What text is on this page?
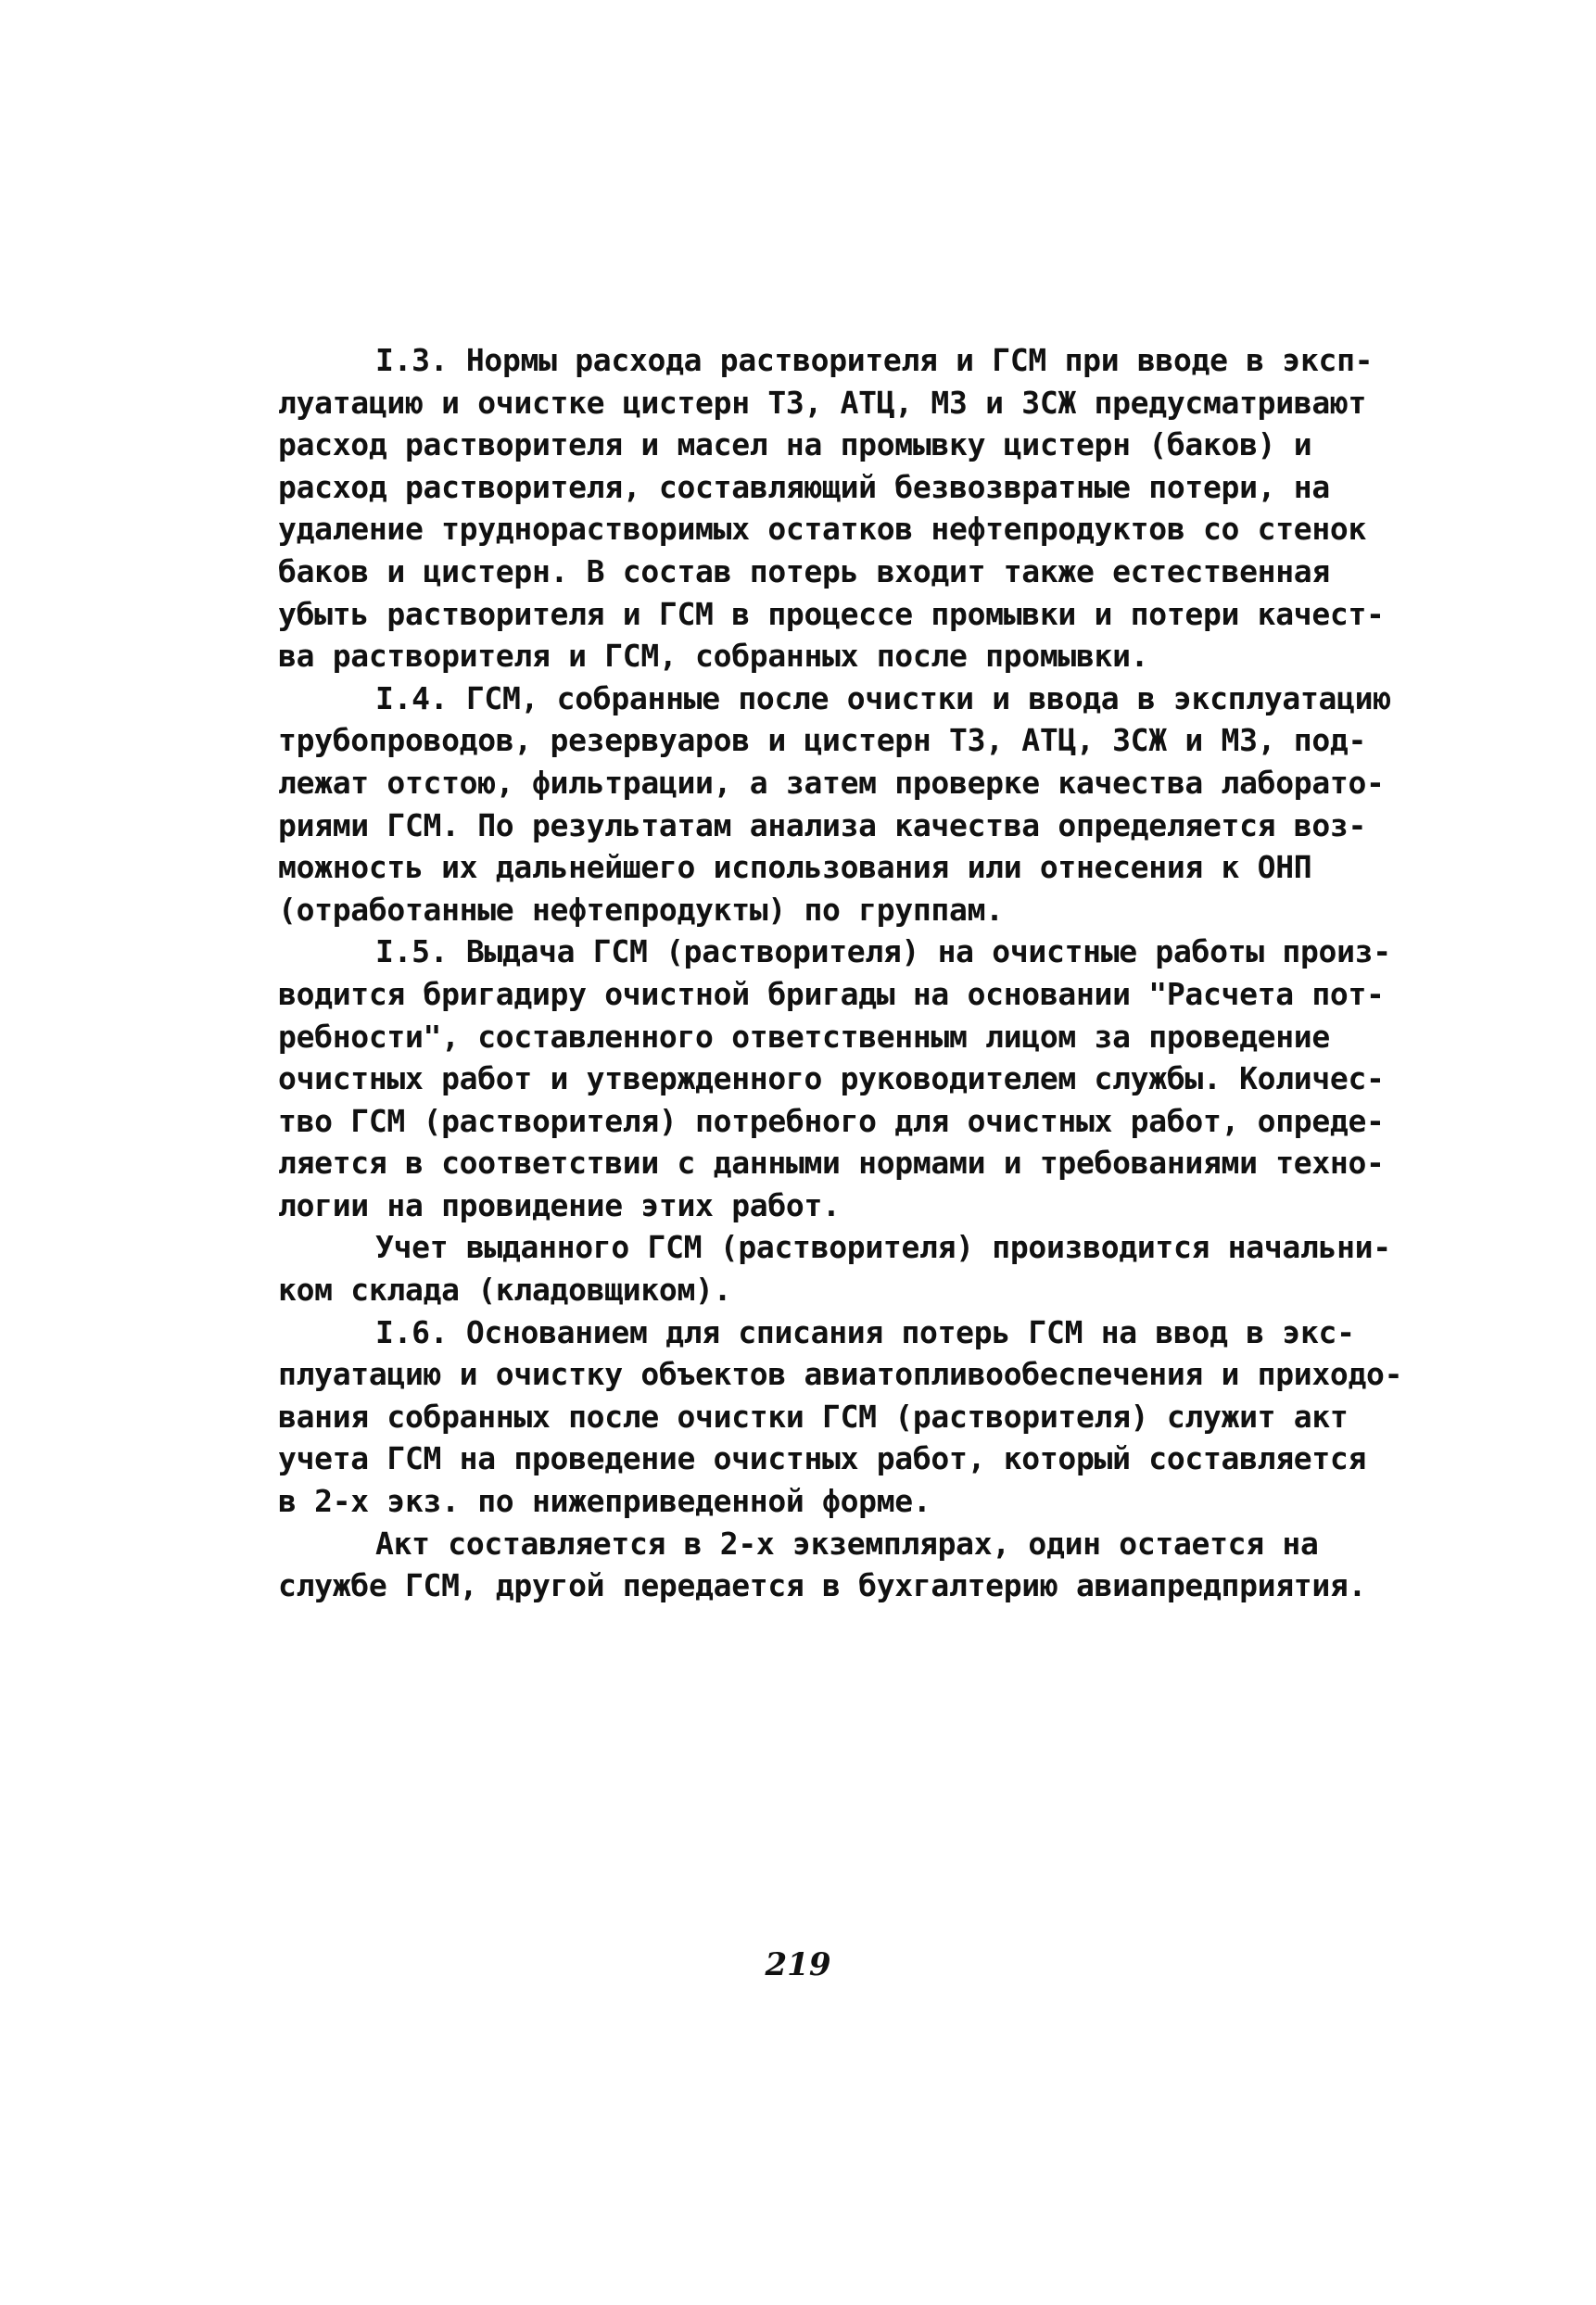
I.3. Нормы расхода растворителя и ГСМ при вводе в эксп-
луатацию и очистке цистерн ТЗ, АТЦ, МЗ и ЗСЖ предусматривают
расход растворителя и масел на промывку цистерн (баков) и
расход растворителя, составляющий безвозвратные потери, на
удаление труднорастворимых остатков нефтепродуктов со стенок
баков и цистерн. В состав потерь входит также естественная
убыть растворителя и ГСМ в процессе промывки и потери качест-
ва растворителя и ГСМ, собранных после промывки.
I.4. ГСМ, собранные после очистки и ввода в эксплуатацию
трубопроводов, резервуаров и цистерн ТЗ, АТЦ, ЗСЖ и МЗ, под-
лежат отстою, фильтрации, а затем проверке качества лаборато-
риями ГСМ. По результатам анализа качества определяется воз-
можность их дальнейшего использования или отнесения к ОНП
(отработанные нефтепродукты) по группам.
I.5. Выдача ГСМ (растворителя) на очистные работы произ-
водится бригадиру очистной бригады на основании "Расчета пот-
ребности", составленного ответственным лицом за проведение
очистных работ и утвержденного руководителем службы. Количес-
тво ГСМ (растворителя) потребного для очистных работ, опреде-
ляется в соответствии с данными нормами и требованиями техно-
логии на провидение этих работ.
Учет выданного ГСМ (растворителя) производится начальни-
ком склада (кладовщиком).
I.6. Основанием для списания потерь ГСМ на ввод в экс-
плуатацию и очистку объектов авиатопливообеспечения и приходо-
вания собранных после очистки ГСМ (растворителя) служит акт
учета ГСМ на проведение очистных работ, который составляется
в 2-х экз. по нижеприведенной форме.
Акт составляется в 2-х экземплярах, один остается на
службе ГСМ, другой передается в бухгалтерию авиапредприятия.
219
